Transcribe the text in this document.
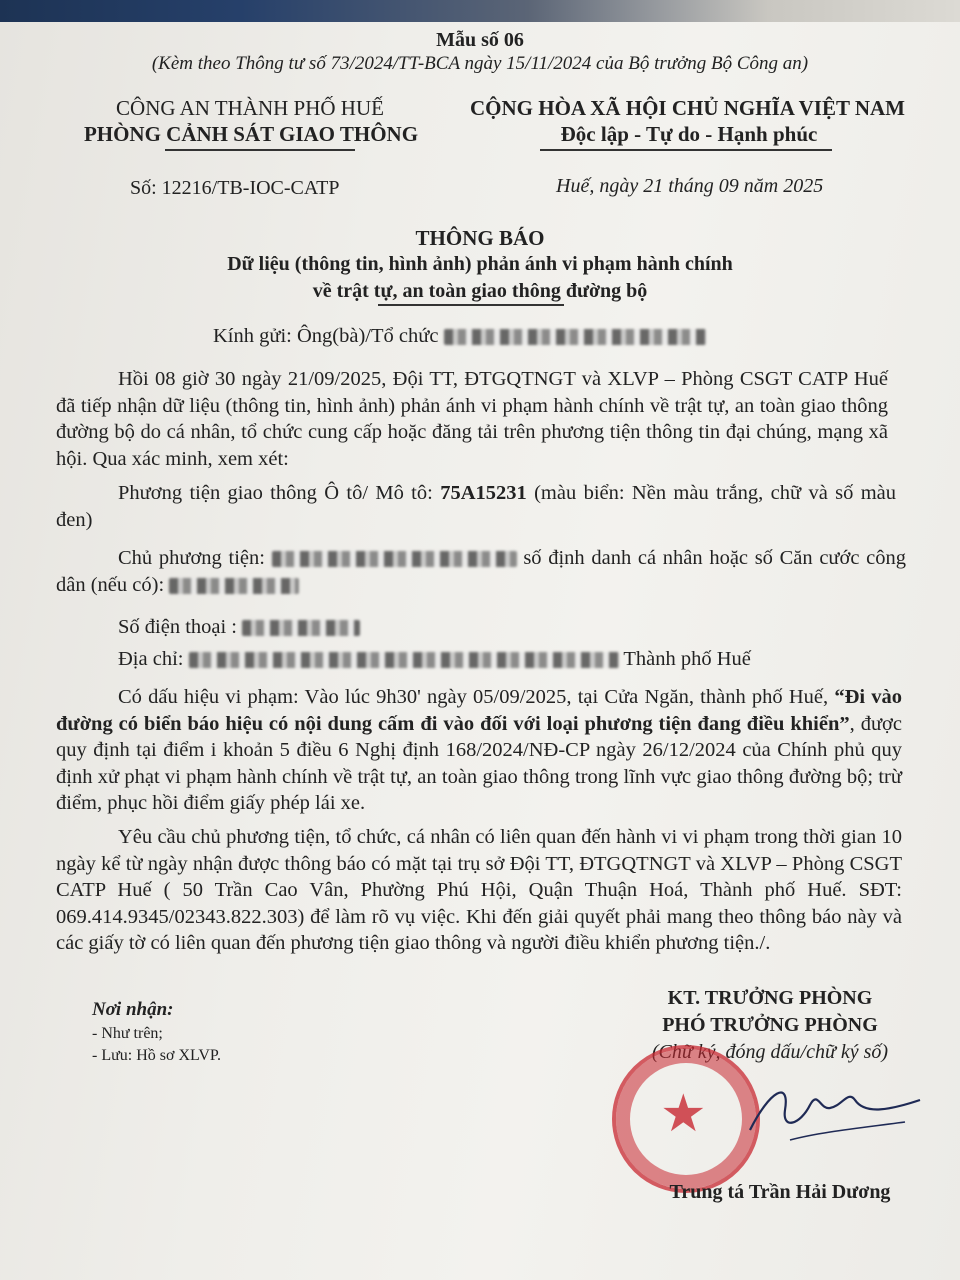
Mẫu số 06
(Kèm theo Thông tư số 73/2024/TT-BCA ngày 15/11/2024 của Bộ trưởng Bộ Công an)
CÔNG AN THÀNH PHỐ HUẾ
PHÒNG CẢNH SÁT GIAO THÔNG
CỘNG HÒA XÃ HỘI CHỦ NGHĨA VIỆT NAM
Độc lập - Tự do - Hạnh phúc
Số: 12216/TB-IOC-CATP	Huế, ngày 21 tháng 09 năm 2025
THÔNG BÁO
Dữ liệu (thông tin, hình ảnh) phản ánh vi phạm hành chính
về trật tự, an toàn giao thông đường bộ
Kính gửi: Ông(bà)/Tổ chức
Hồi 08 giờ 30 ngày 21/09/2025, Đội TT, ĐTGQTNGT và XLVP – Phòng CSGT CATP Huế đã tiếp nhận dữ liệu (thông tin, hình ảnh) phản ánh vi phạm hành chính về trật tự, an toàn giao thông đường bộ do cá nhân, tổ chức cung cấp hoặc đăng tải trên phương tiện thông tin đại chúng, mạng xã hội. Qua xác minh, xem xét:
Phương tiện giao thông Ô tô/ Mô tô: 75A15231 (màu biển: Nền màu trắng, chữ và số màu đen)
Chủ phương tiện:	số định danh cá nhân hoặc số Căn cước công dân (nếu có):
Số điện thoại :
Địa chỉ:	Thành phố Huế
Có dấu hiệu vi phạm: Vào lúc 9h30' ngày 05/09/2025, tại Cửa Ngăn, thành phố Huế, “Đi vào đường có biển báo hiệu có nội dung cấm đi vào đối với loại phương tiện đang điều khiển”, được quy định tại điểm i khoản 5 điều 6 Nghị định 168/2024/NĐ-CP ngày 26/12/2024 của Chính phủ quy định xử phạt vi phạm hành chính về trật tự, an toàn giao thông trong lĩnh vực giao thông đường bộ; trừ điểm, phục hồi điểm giấy phép lái xe.
Yêu cầu chủ phương tiện, tổ chức, cá nhân có liên quan đến hành vi vi phạm trong thời gian 10 ngày kể từ ngày nhận được thông báo có mặt tại trụ sở Đội TT, ĐTGQTNGT và XLVP – Phòng CSGT CATP Huế ( 50 Trần Cao Vân, Phường Phú Hội, Quận Thuận Hoá, Thành phố Huế. SĐT: 069.414.9345/02343.822.303) để làm rõ vụ việc. Khi đến giải quyết phải mang theo thông báo này và các giấy tờ có liên quan đến phương tiện giao thông và người điều khiển phương tiện./.
Nơi nhận:
- Như trên;
- Lưu: Hồ sơ XLVP.
KT. TRƯỞNG PHÒNG
PHÓ TRƯỞNG PHÒNG
(Chữ ký, đóng dấu/chữ ký số)
★
Trung tá Trần Hải Dương
